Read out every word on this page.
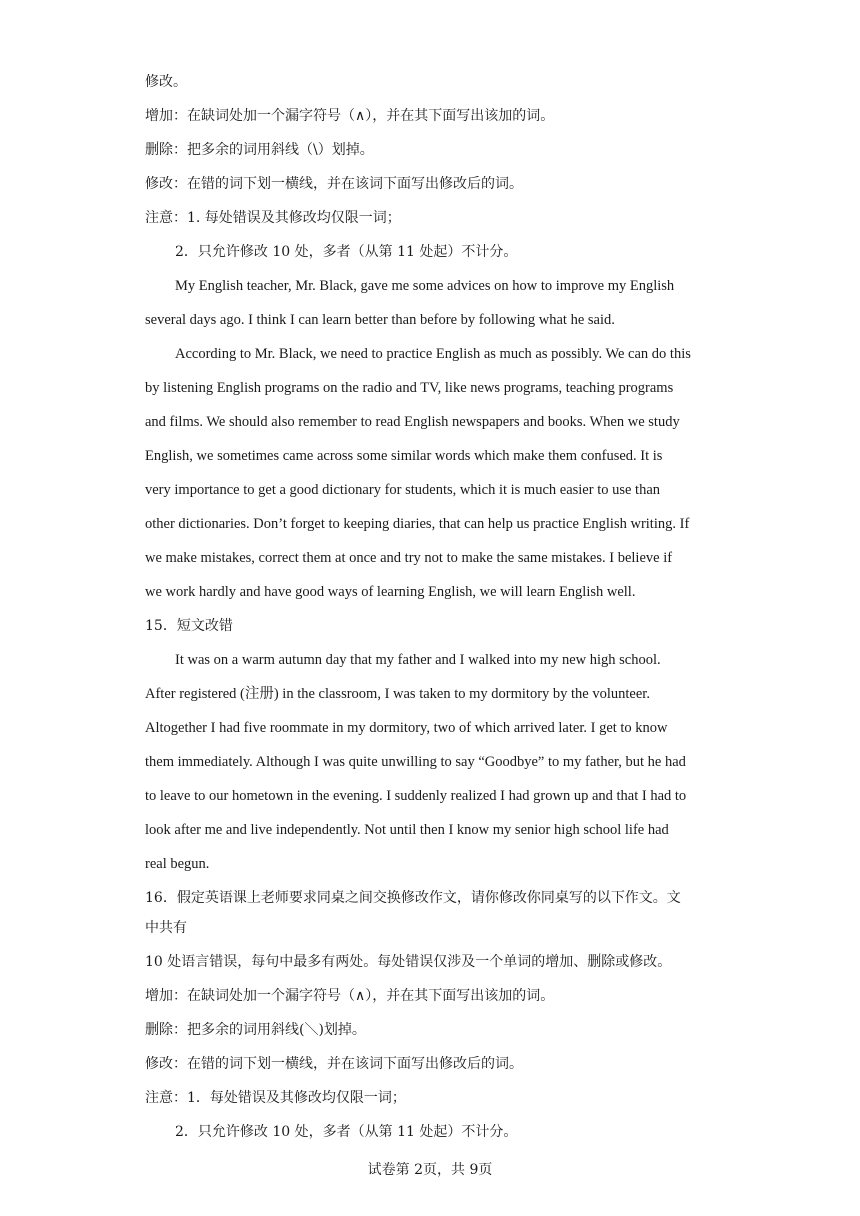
修改。
增加：在缺词处加一个漏字符号（∧），并在其下面写出该加的词。
删除：把多余的词用斜线（\）划掉。
修改：在错的词下划一横线，并在该词下面写出修改后的词。
注意：1. 每处错误及其修改均仅限一词；
2．只允许修改 10 处，多者（从第 11 处起）不计分。
My English teacher, Mr. Black, gave me some advices on how to improve my English
several days ago. I think I can learn better than before by following what he said.
According to Mr. Black, we need to practice English as much as possibly. We can do this
by listening English programs on the radio and TV, like news programs, teaching programs
and films. We should also remember to read English newspapers and books. When we study
English, we sometimes came across some similar words which make them confused. It is
very importance to get a good dictionary for students, which it is much easier to use than
other dictionaries. Don’t forget to keeping diaries, that can help us practice English writing. If
we make mistakes, correct them at once and try not to make the same mistakes. I believe if
we work hardly and have good ways of learning English, we will learn English well.
15．短文改错
It was on a warm autumn day that my father and I walked into my new high school.
After registered (注册) in the classroom, I was taken to my dormitory by the volunteer.
Altogether I had five roommate in my dormitory, two of which arrived later. I get to know
them immediately. Although I was quite unwilling to say “Goodbye” to my father, but he had
to leave to our hometown in the evening. I suddenly realized I had grown up and that I had to
look after me and live independently. Not until then I know my senior high school life had
real begun.
16．假定英语课上老师要求同桌之间交换修改作文，请你修改你同桌写的以下作文。文
中共有
10 处语言错误，每句中最多有两处。每处错误仅涉及一个单词的增加、删除或修改。
增加：在缺词处加一个漏字符号（∧），并在其下面写出该加的词。
删除：把多余的词用斜线(＼)划掉。
修改：在错的词下划一横线，并在该词下面写出修改后的词。
注意：1．每处错误及其修改均仅限一词；
2．只允许修改 10 处，多者（从第 11 处起）不计分。
试卷第 2页，共 9页
